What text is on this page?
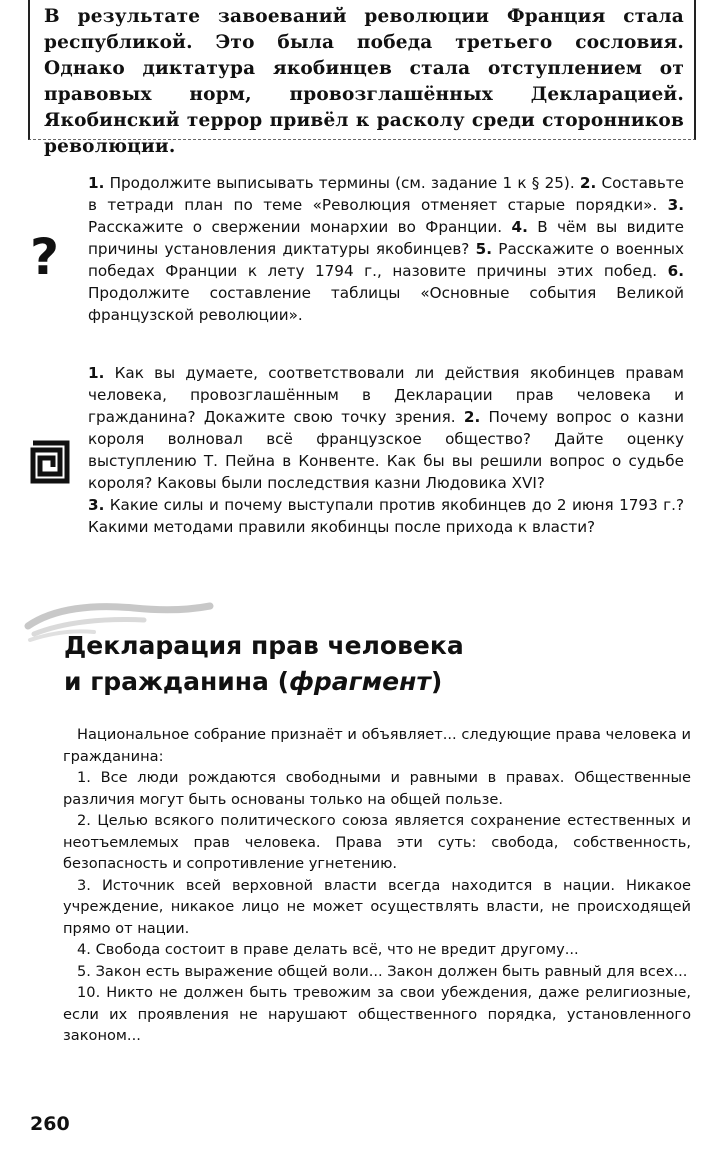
В результате завоеваний революции Франция стала республикой. Это была победа третьего сословия. Однако диктатура якобинцев стала отступлением от правовых норм, провозглашённых Декларацией. Якобинский террор привёл к расколу среди сторонников революции.

?

1. Продолжите выписывать термины (см. задание 1 к § 25). 2. Составьте в тетради план по теме «Революция отменяет старые порядки». 3. Расскажите о свержении монархии во Франции. 4. В чём вы видите причины установления диктатуры якобинцев? 5. Расскажите о военных победах Франции к лету 1794 г., назовите причины этих побед. 6. Продолжите составление таблицы «Основные события Великой французской революции».

1. Как вы думаете, соответствовали ли действия якобинцев правам человека, провозглашённым в Декларации прав человека и гражданина? Докажите свою точку зрения. 2. Почему вопрос о казни короля волновал всё французское общество? Дайте оценку выступлению Т. Пейна в Конвенте. Как бы вы решили вопрос о судьбе короля? Каковы были последствия казни Людовика XVI?
3. Какие силы и почему выступали против якобинцев до 2 июня 1793 г.? Какими методами правили якобинцы после прихода к власти?

Декларация прав человека
и гражданина (фрагмент)

Национальное собрание признаёт и объявляет... следующие права человека и гражданина:

1. Все люди рождаются свободными и равными в правах. Общественные различия могут быть основаны только на общей пользе.

2. Целью всякого политического союза является сохранение естественных и неотъемлемых прав человека. Права эти суть: свобода, собственность, безопасность и сопротивление угнетению.

3. Источник всей верховной власти всегда находится в нации. Никакое учреждение, никакое лицо не может осуществлять власти, не происходящей прямо от нации.

4. Свобода состоит в праве делать всё, что не вредит другому...

5. Закон есть выражение общей воли... Закон должен быть равный для всех...

10. Никто не должен быть тревожим за свои убеждения, даже религиозные, если их проявления не нарушают общественного порядка, установленного законом...

260
